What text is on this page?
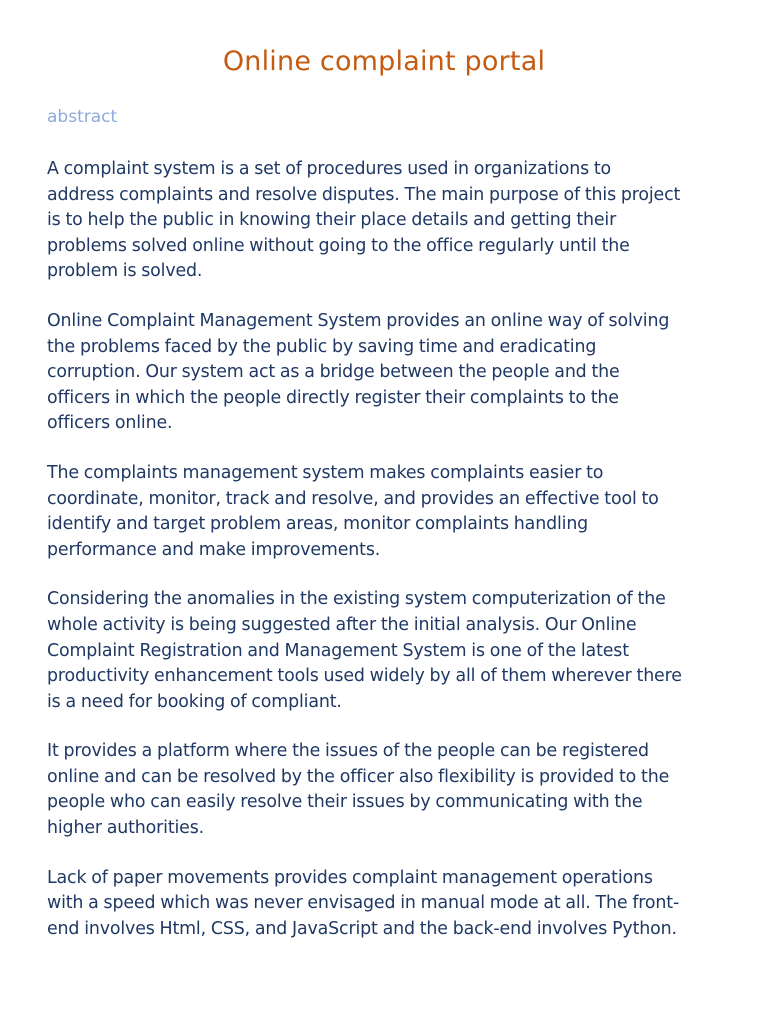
Online complaint portal
abstract

A complaint system is a set of procedures used in organizations to
address complaints and resolve disputes. The main purpose of this project
is to help the public in knowing their place details and getting their
problems solved online without going to the office regularly until the
problem is solved.

Online Complaint Management System provides an online way of solving
the problems faced by the public by saving time and eradicating
corruption. Our system act as a bridge between the people and the
officers in which the people directly register their complaints to the
officers online.

The complaints management system makes complaints easier to
coordinate, monitor, track and resolve, and provides an effective tool to
identify and target problem areas, monitor complaints handling
performance and make improvements.

Considering the anomalies in the existing system computerization of the
whole activity is being suggested after the initial analysis. Our Online
Complaint Registration and Management System is one of the latest
productivity enhancement tools used widely by all of them wherever there
is a need for booking of compliant.

It provides a platform where the issues of the people can be registered
online and can be resolved by the officer also flexibility is provided to the
people who can easily resolve their issues by communicating with the
higher authorities.

Lack of paper movements provides complaint management operations
with a speed which was never envisaged in manual mode at all. The front-
end involves Html, CSS, and JavaScript and the back-end involves Python.
